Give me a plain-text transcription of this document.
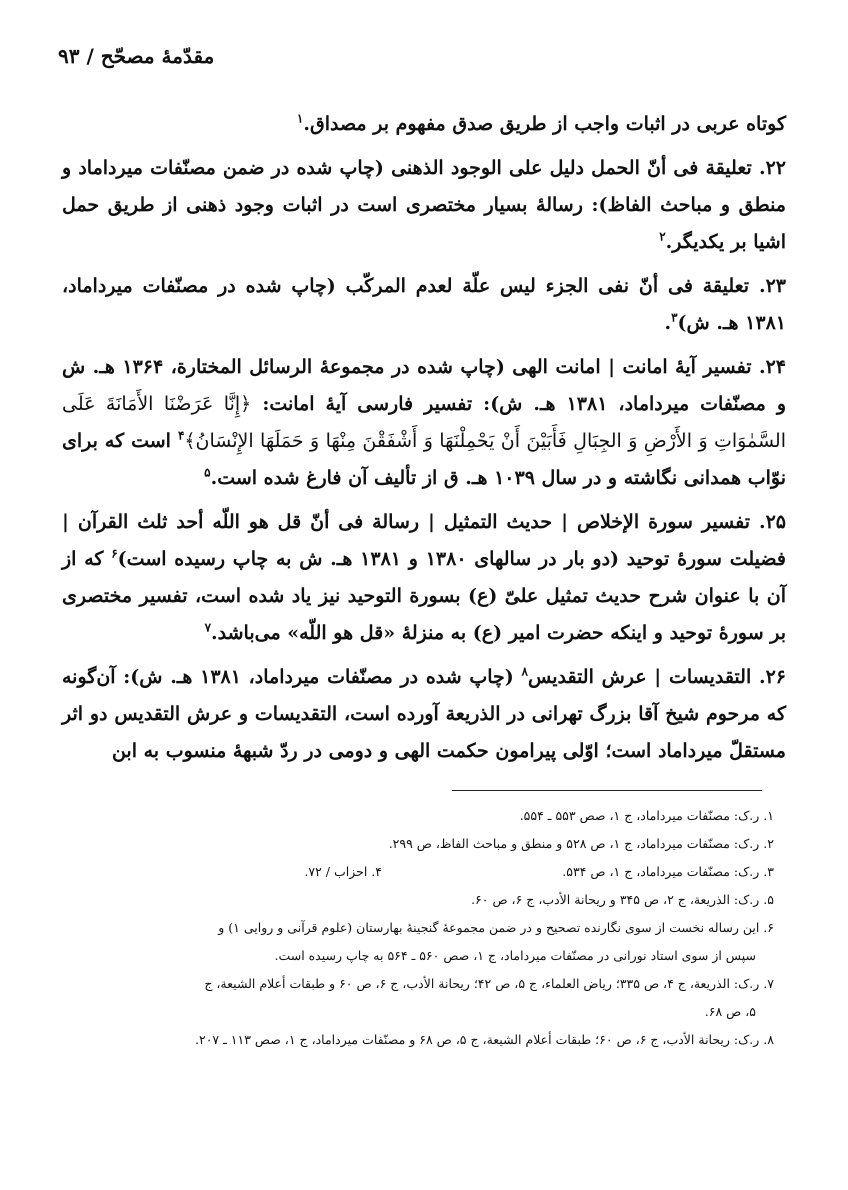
مقدّمهٔ مصحّح / ۹۳

کوتاه عربی در اثبات واجب از طریق صدق مفهوم بر مصداق.$^۱$

۲۲. تعلیقة فی أنّ الحمل دلیل علی الوجود الذهنی (چاپ شده در ضمن مصنّفات میرداماد و منطق و مباحث الفاظ): رسالهٔ بسیار مختصری است در اثبات وجود ذهنی از طریق حمل اشیا بر یکدیگر.$^۲$

۲۳. تعلیقة فی أنّ نفی الجزء لیس علّة لعدم المرکّب (چاپ شده در مصنّفات میرداماد، ۱۳۸۱ هـ. ش)$^۳$.

۲۴. تفسیر آیهٔ امانت | امانت الهی (چاپ شده در مجموعهٔ الرسائل المختارة، ۱۳۶۴ هـ. ش و مصنّفات میرداماد، ۱۳۸۱ هـ. ش): تفسیر فارسی آیهٔ امانت: ﴿إِنَّا عَرَضْنَا الأَمَانَةَ عَلَى السَّمٰوَاتِ وَ الأَرْضِ وَ الجِبَالِ فَأَبَيْنَ أَنْ يَحْمِلْنَهَا وَ أَشْفَقْنَ مِنْهَا وَ حَمَلَهَا الإِنْسَانُ﴾$^۴$ است که برای نوّاب همدانی نگاشته و در سال ۱۰۳۹ هـ. ق از تألیف آن فارغ شده است.$^۵$

۲۵. تفسیر سورة الإخلاص | حدیث التمثیل | رسالة فی أنّ قل هو اللّه أحد ثلث القرآن | فضیلت سورهٔ توحید (دو بار در سالهای ۱۳۸۰ و ۱۳۸۱ هـ. ش به چاپ رسیده است)$^۶$ که از آن با عنوان شرح حدیث تمثیل علیّ (ع) بسورة التوحید نیز یاد شده است، تفسیر مختصری بر سورهٔ توحید و اینکه حضرت امیر (ع) به منزلهٔ «قل هو اللّه» می‌باشد.$^۷$

۲۶. التقدیسات | عرش التقدیس$^۸$ (چاپ شده در مصنّفات میرداماد، ۱۳۸۱ هـ. ش): آن‌گونه که مرحوم شیخ آقا بزرگ تهرانی در الذریعة آورده است، التقدیسات و عرش التقدیس دو اثر مستقلّ میرداماد است؛ اوّلی پیرامون حکمت الهی و دومی در ردّ شبههٔ منسوب به ابن

۱. ر.ک: مصنّفات میرداماد، ج ۱، صص ۵۵۳ ـ ۵۵۴.

۲. ر.ک: مصنّفات میرداماد، ج ۱، ص ۵۲۸ و منطق و مباحث الفاظ، ص ۲۹۹.

۳. ر.ک: مصنّفات میرداماد، ج ۱، ص ۵۳۴.

۴. احزاب / ۷۲.

۵. ر.ک: الذریعة، ج ۲، ص ۳۴۵ و ریحانة الأدب، ج ۶، ص ۶۰.

۶. این رساله نخست از سوی نگارنده تصحیح و در ضمن مجموعهٔ گنجینهٔ بهارستان (علوم قرآنی و روایی ۱) و

سپس از سوی استاد نورانی در مصنّفات میرداماد، ج ۱، صص ۵۶۰ ـ ۵۶۴ به چاپ رسیده است.

۷. ر.ک: الذریعة، ج ۴، ص ۳۳۵؛ ریاض العلماء، ج ۵، ص ۴۲؛ ریحانة الأدب، ج ۶، ص ۶۰ و طبقات أعلام الشیعة، ج

۵، ص ۶۸.

۸. ر.ک: ریحانة الأدب، ج ۶، ص ۶۰؛ طبقات أعلام الشیعة، ج ۵، ص ۶۸ و مصنّفات میرداماد، ج ۱، صص ۱۱۳ ـ ۲۰۷.
